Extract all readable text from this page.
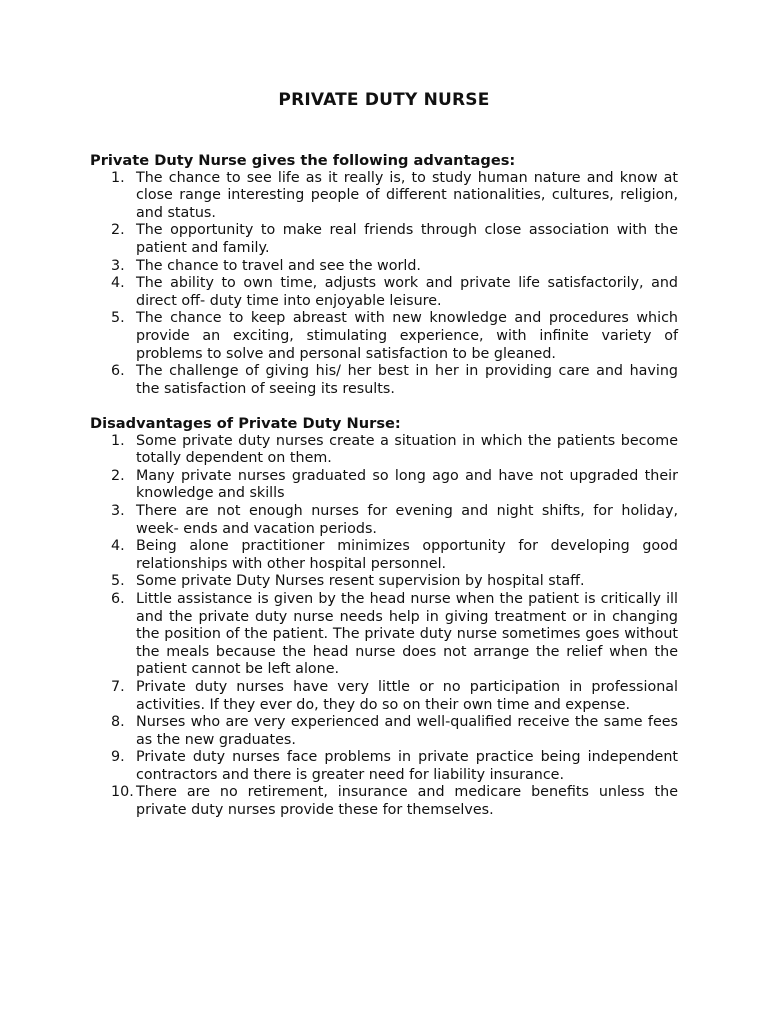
PRIVATE DUTY NURSE

Private Duty Nurse gives the following advantages:

1. The chance to see life as it really is, to study human nature and know at close range interesting people of different nationalities, cultures, religion, and status.
2. The opportunity to make real friends through close association with the patient and family.
3. The chance to travel and see the world.
4. The ability to own time, adjusts work and private life satisfactorily, and direct off- duty time into enjoyable leisure.
5. The chance to keep abreast with new knowledge and procedures which provide an exciting, stimulating experience, with infinite variety of problems to solve and personal satisfaction to be gleaned.
6. The challenge of giving his/ her best in her in providing care and having the satisfaction of seeing its results.

Disadvantages of Private Duty Nurse:

1. Some private duty nurses create a situation in which the patients become totally dependent on them.
2. Many private nurses graduated so long ago and have not upgraded their knowledge and skills
3. There are not enough nurses for evening and night shifts, for holiday, week- ends and vacation periods.
4. Being alone practitioner minimizes opportunity for developing good relationships with other hospital personnel.
5. Some private Duty Nurses resent supervision by hospital staff.
6. Little assistance is given by the head nurse when the patient is critically ill and the private duty nurse needs help in giving treatment or in changing the position of the patient. The private duty nurse sometimes goes without the meals because the head nurse does not arrange the relief when the patient cannot be left alone.
7. Private duty nurses have very little or no participation in professional activities. If they ever do, they do so on their own time and expense.
8. Nurses who are very experienced and well-qualified receive the same fees as the new graduates.
9. Private duty nurses face problems in private practice being independent contractors and there is greater need for liability insurance.
10. There are no retirement, insurance and medicare benefits unless the private duty nurses provide these for themselves.
